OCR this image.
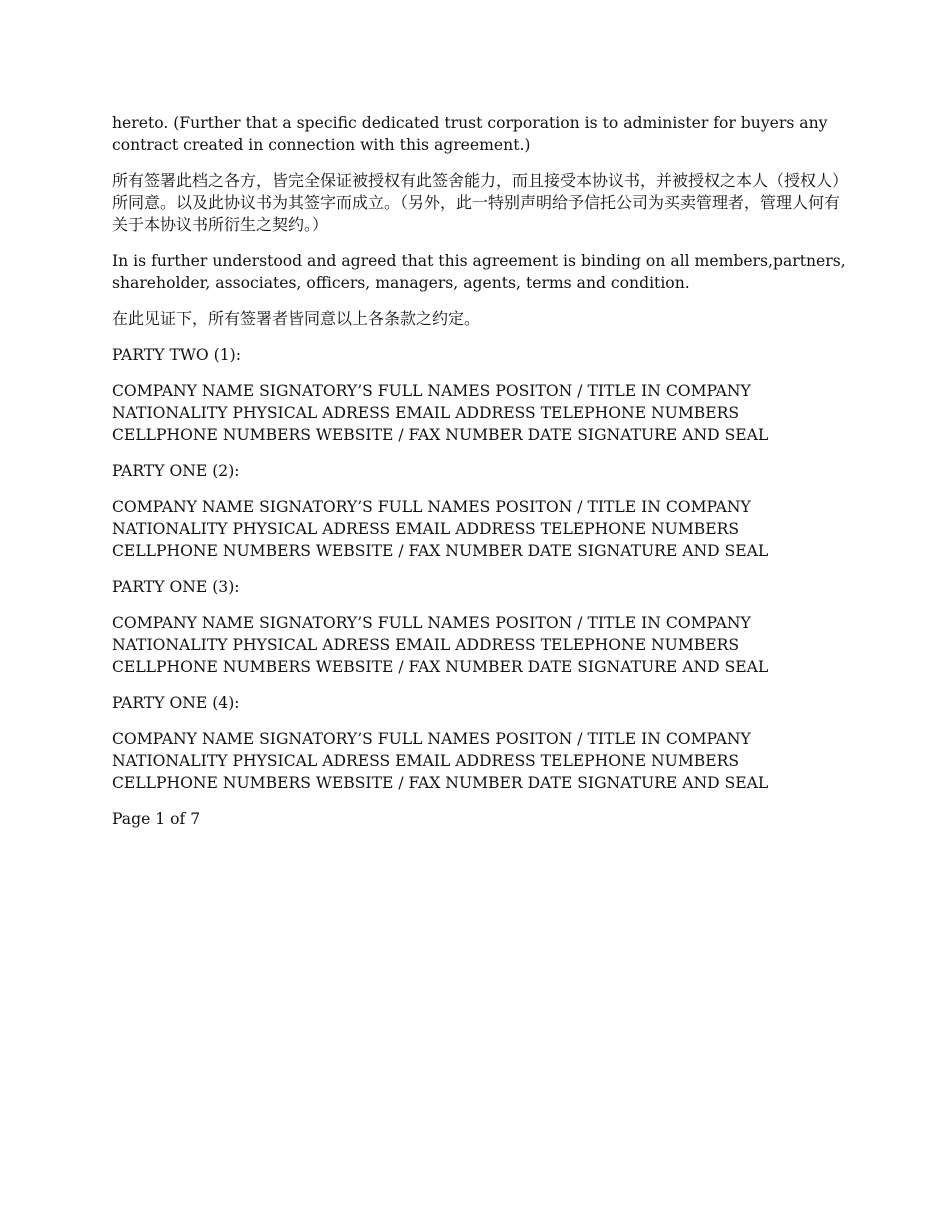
hereto. (Further that a specific dedicated trust corporation is to administer for buyers any contract created in connection with this agreement.)

所有签署此档之各方，皆完全保证被授权有此签舍能力，而且接受本协议书，并被授权之本人（授权人）所同意。以及此协议书为其签字而成立。（另外，此一特别声明给予信托公司为买卖管理者，管理人何有关于本协议书所衍生之契约。）

In is further understood and agreed that this agreement is binding on all members,partners, shareholder, associates, officers, managers, agents, terms and condition.

在此见证下，所有签署者皆同意以上各条款之约定。

PARTY TWO (1):

COMPANY NAME SIGNATORY’S FULL NAMES POSITON / TITLE IN COMPANY NATIONALITY PHYSICAL ADRESS EMAIL ADDRESS TELEPHONE NUMBERS CELLPHONE NUMBERS WEBSITE / FAX NUMBER DATE SIGNATURE AND SEAL

PARTY ONE (2):

COMPANY NAME SIGNATORY’S FULL NAMES POSITON / TITLE IN COMPANY NATIONALITY PHYSICAL ADRESS EMAIL ADDRESS TELEPHONE NUMBERS CELLPHONE NUMBERS WEBSITE / FAX NUMBER DATE SIGNATURE AND SEAL

PARTY ONE (3):

COMPANY NAME SIGNATORY’S FULL NAMES POSITON / TITLE IN COMPANY NATIONALITY PHYSICAL ADRESS EMAIL ADDRESS TELEPHONE NUMBERS CELLPHONE NUMBERS WEBSITE / FAX NUMBER DATE SIGNATURE AND SEAL

PARTY ONE (4):

COMPANY NAME SIGNATORY’S FULL NAMES POSITON / TITLE IN COMPANY NATIONALITY PHYSICAL ADRESS EMAIL ADDRESS TELEPHONE NUMBERS CELLPHONE NUMBERS WEBSITE / FAX NUMBER DATE SIGNATURE AND SEAL

Page 1 of 7
